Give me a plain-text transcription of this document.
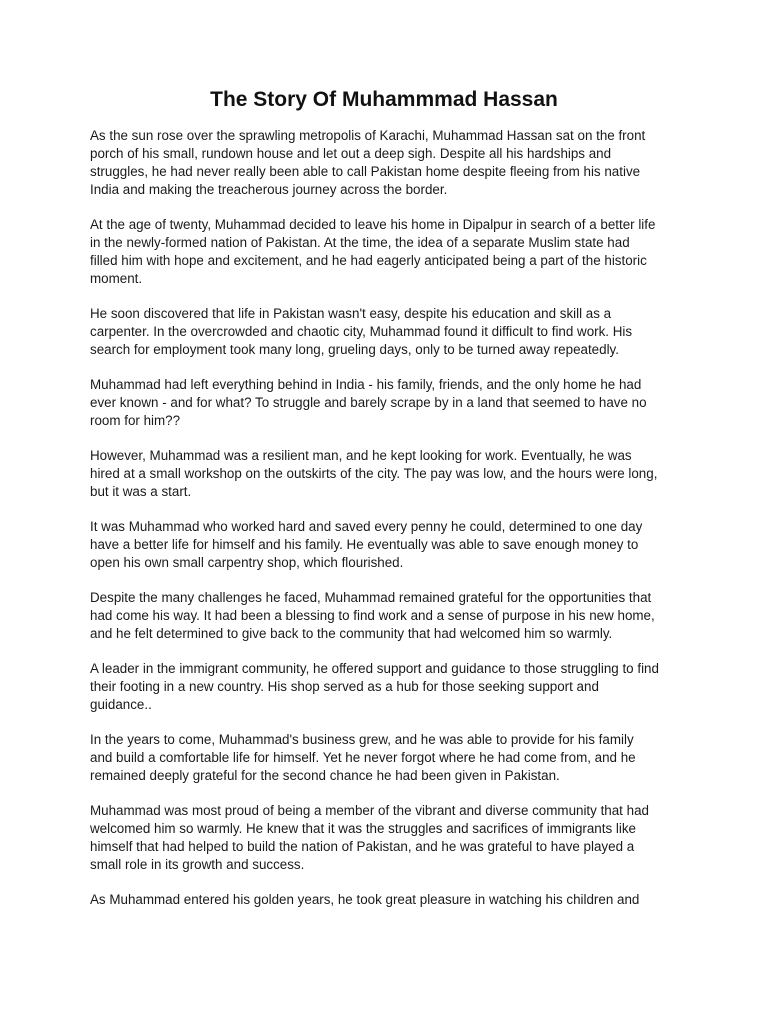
The Story Of Muhammmad Hassan

As the sun rose over the sprawling metropolis of Karachi, Muhammad Hassan sat on the front
porch of his small, rundown house and let out a deep sigh. Despite all his hardships and
struggles, he had never really been able to call Pakistan home despite fleeing from his native
India and making the treacherous journey across the border.

At the age of twenty, Muhammad decided to leave his home in Dipalpur in search of a better life
in the newly-formed nation of Pakistan. At the time, the idea of a separate Muslim state had
filled him with hope and excitement, and he had eagerly anticipated being a part of the historic
moment.

He soon discovered that life in Pakistan wasn't easy, despite his education and skill as a
carpenter. In the overcrowded and chaotic city, Muhammad found it difficult to find work. His
search for employment took many long, grueling days, only to be turned away repeatedly.

Muhammad had left everything behind in India - his family, friends, and the only home he had
ever known - and for what? To struggle and barely scrape by in a land that seemed to have no
room for him??

However, Muhammad was a resilient man, and he kept looking for work. Eventually, he was
hired at a small workshop on the outskirts of the city. The pay was low, and the hours were long,
but it was a start.

It was Muhammad who worked hard and saved every penny he could, determined to one day
have a better life for himself and his family. He eventually was able to save enough money to
open his own small carpentry shop, which flourished.

Despite the many challenges he faced, Muhammad remained grateful for the opportunities that
had come his way. It had been a blessing to find work and a sense of purpose in his new home,
and he felt determined to give back to the community that had welcomed him so warmly.

A leader in the immigrant community, he offered support and guidance to those struggling to find
their footing in a new country. His shop served as a hub for those seeking support and
guidance..

In the years to come, Muhammad's business grew, and he was able to provide for his family
and build a comfortable life for himself. Yet he never forgot where he had come from, and he
remained deeply grateful for the second chance he had been given in Pakistan.

Muhammad was most proud of being a member of the vibrant and diverse community that had
welcomed him so warmly. He knew that it was the struggles and sacrifices of immigrants like
himself that had helped to build the nation of Pakistan, and he was grateful to have played a
small role in its growth and success.

As Muhammad entered his golden years, he took great pleasure in watching his children and
